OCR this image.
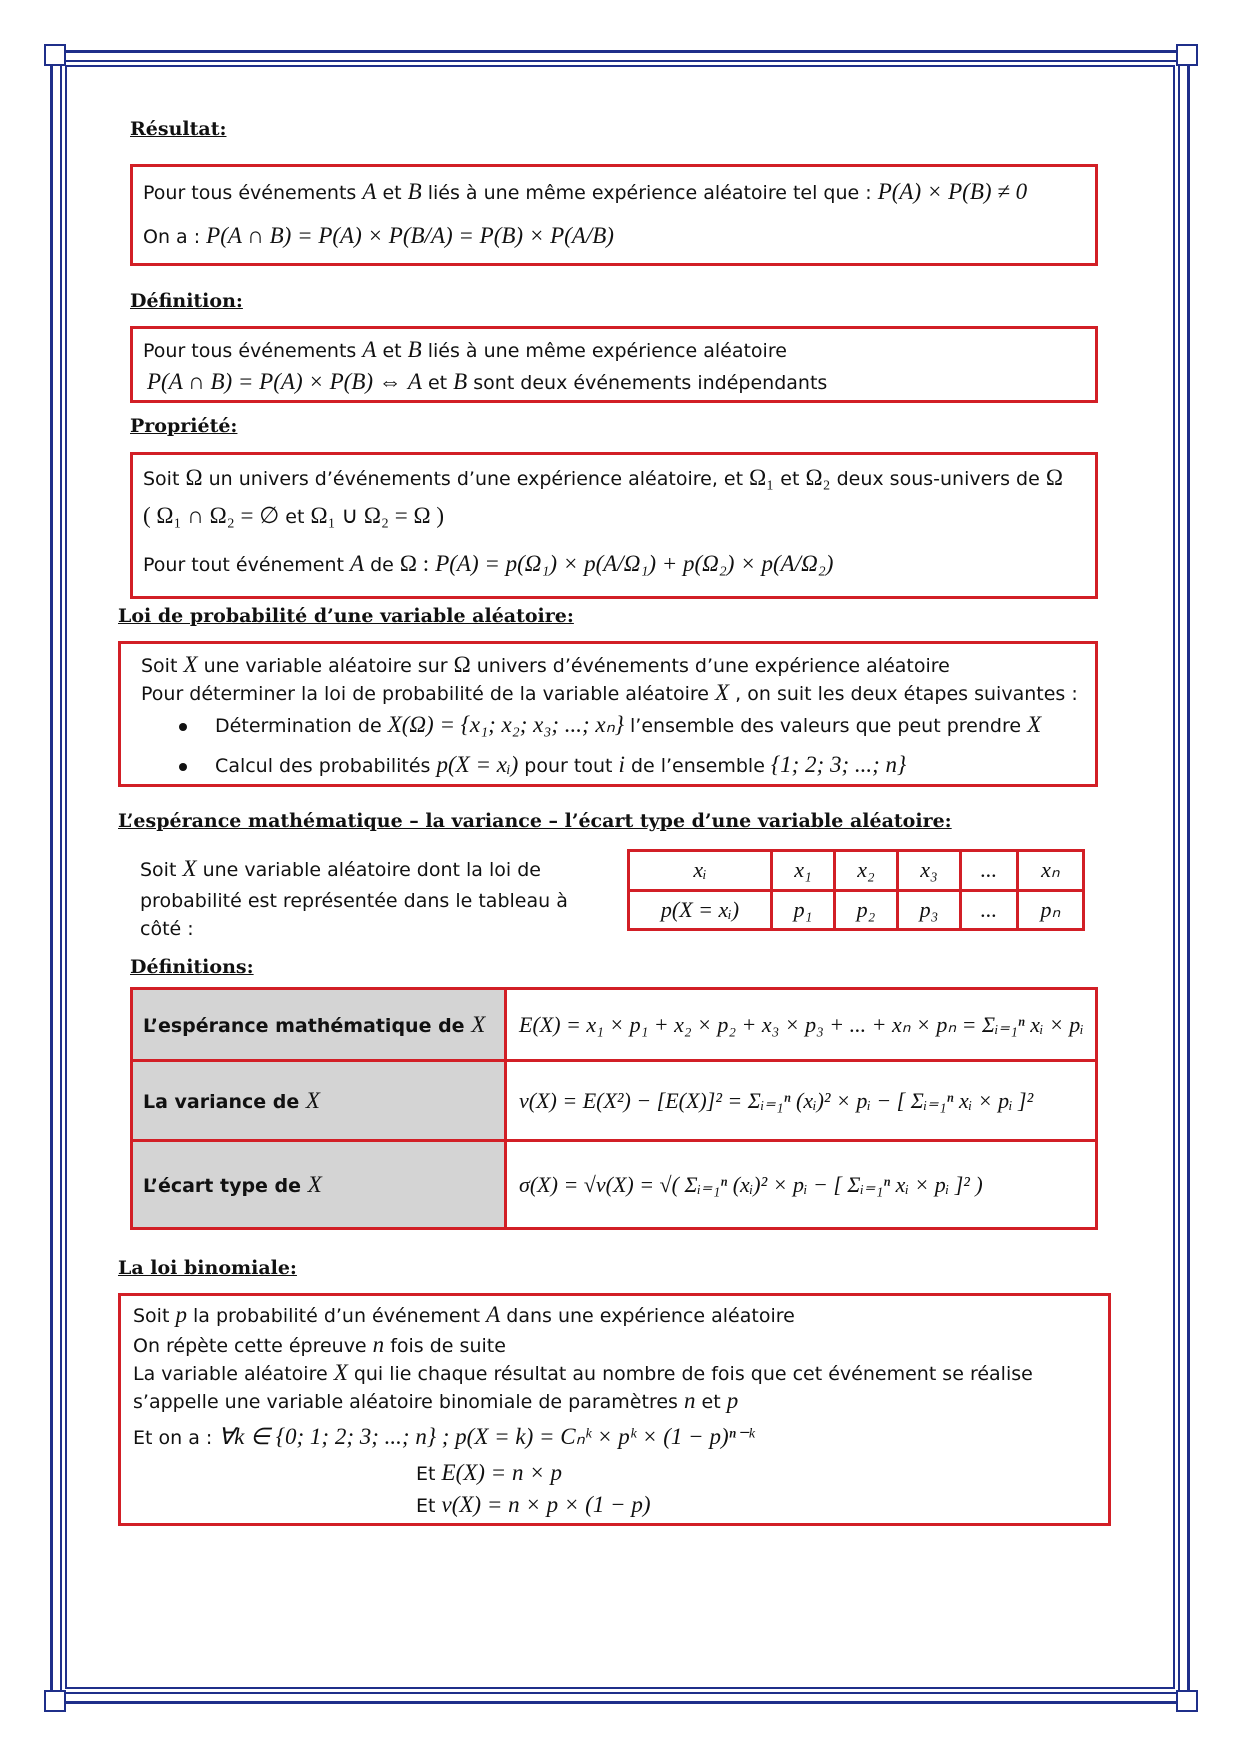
Résultat:
Pour tous événements A et B liés à une même expérience aléatoire tel que : P(A) × P(B) ≠ 0
On a : P(A ∩ B) = P(A) × P(B/A) = P(B) × P(A/B)
Définition:
Pour tous événements A et B liés à une même expérience aléatoire
P(A ∩ B) = P(A) × P(B) ⇔ A et B sont deux événements indépendants
Propriété:
Soit Ω un univers d’événements d’une expérience aléatoire, et Ω₁ et Ω₂ deux sous-univers de Ω
( Ω₁ ∩ Ω₂ = ∅ et Ω₁ ∪ Ω₂ = Ω )
Pour tout événement A de Ω : P(A) = p(Ω₁) × p(A/Ω₁) + p(Ω₂) × p(A/Ω₂)
Loi de probabilité d’une variable aléatoire:
Soit X une variable aléatoire sur Ω univers d’événements d’une expérience aléatoire
Pour déterminer la loi de probabilité de la variable aléatoire X , on suit les deux étapes suivantes :
Détermination de X(Ω) = {x₁; x₂; x₃; ...; xₙ} l’ensemble des valeurs que peut prendre X
Calcul des probabilités p(X = xᵢ) pour tout i de l’ensemble {1; 2; 3; ...; n}
L’espérance mathématique – la variance – l’écart type d’une variable aléatoire:
Soit X une variable aléatoire dont la loi de
probabilité est représentée dans le tableau à
côté :
xᵢ	x₁	x₂	x₃	...	xₙ
p(X = xᵢ)	p₁	p₂	p₃	...	pₙ
Définitions:
L’espérance mathématique de X	E(X) = x₁ × p₁ + x₂ × p₂ + x₃ × p₃ + ... + xₙ × pₙ = Σᵢ₌₁ⁿ xᵢ × pᵢ
La variance de X	ν(X) = E(X²) − [E(X)]² = Σᵢ₌₁ⁿ (xᵢ)² × pᵢ − [ Σᵢ₌₁ⁿ xᵢ × pᵢ ]²
L’écart type de X	σ(X) = √ν(X) = √( Σᵢ₌₁ⁿ (xᵢ)² × pᵢ − [ Σᵢ₌₁ⁿ xᵢ × pᵢ ]² )
La loi binomiale:
Soit p la probabilité d’un événement A dans une expérience aléatoire
On répète cette épreuve n fois de suite
La variable aléatoire X qui lie chaque résultat au nombre de fois que cet événement se réalise
s’appelle une variable aléatoire binomiale de paramètres n et p
Et on a : ∀k ∈ {0; 1; 2; 3; ...; n} ; p(X = k) = Cₙᵏ × pᵏ × (1 − p)ⁿ⁻ᵏ
Et E(X) = n × p
Et ν(X) = n × p × (1 − p)
